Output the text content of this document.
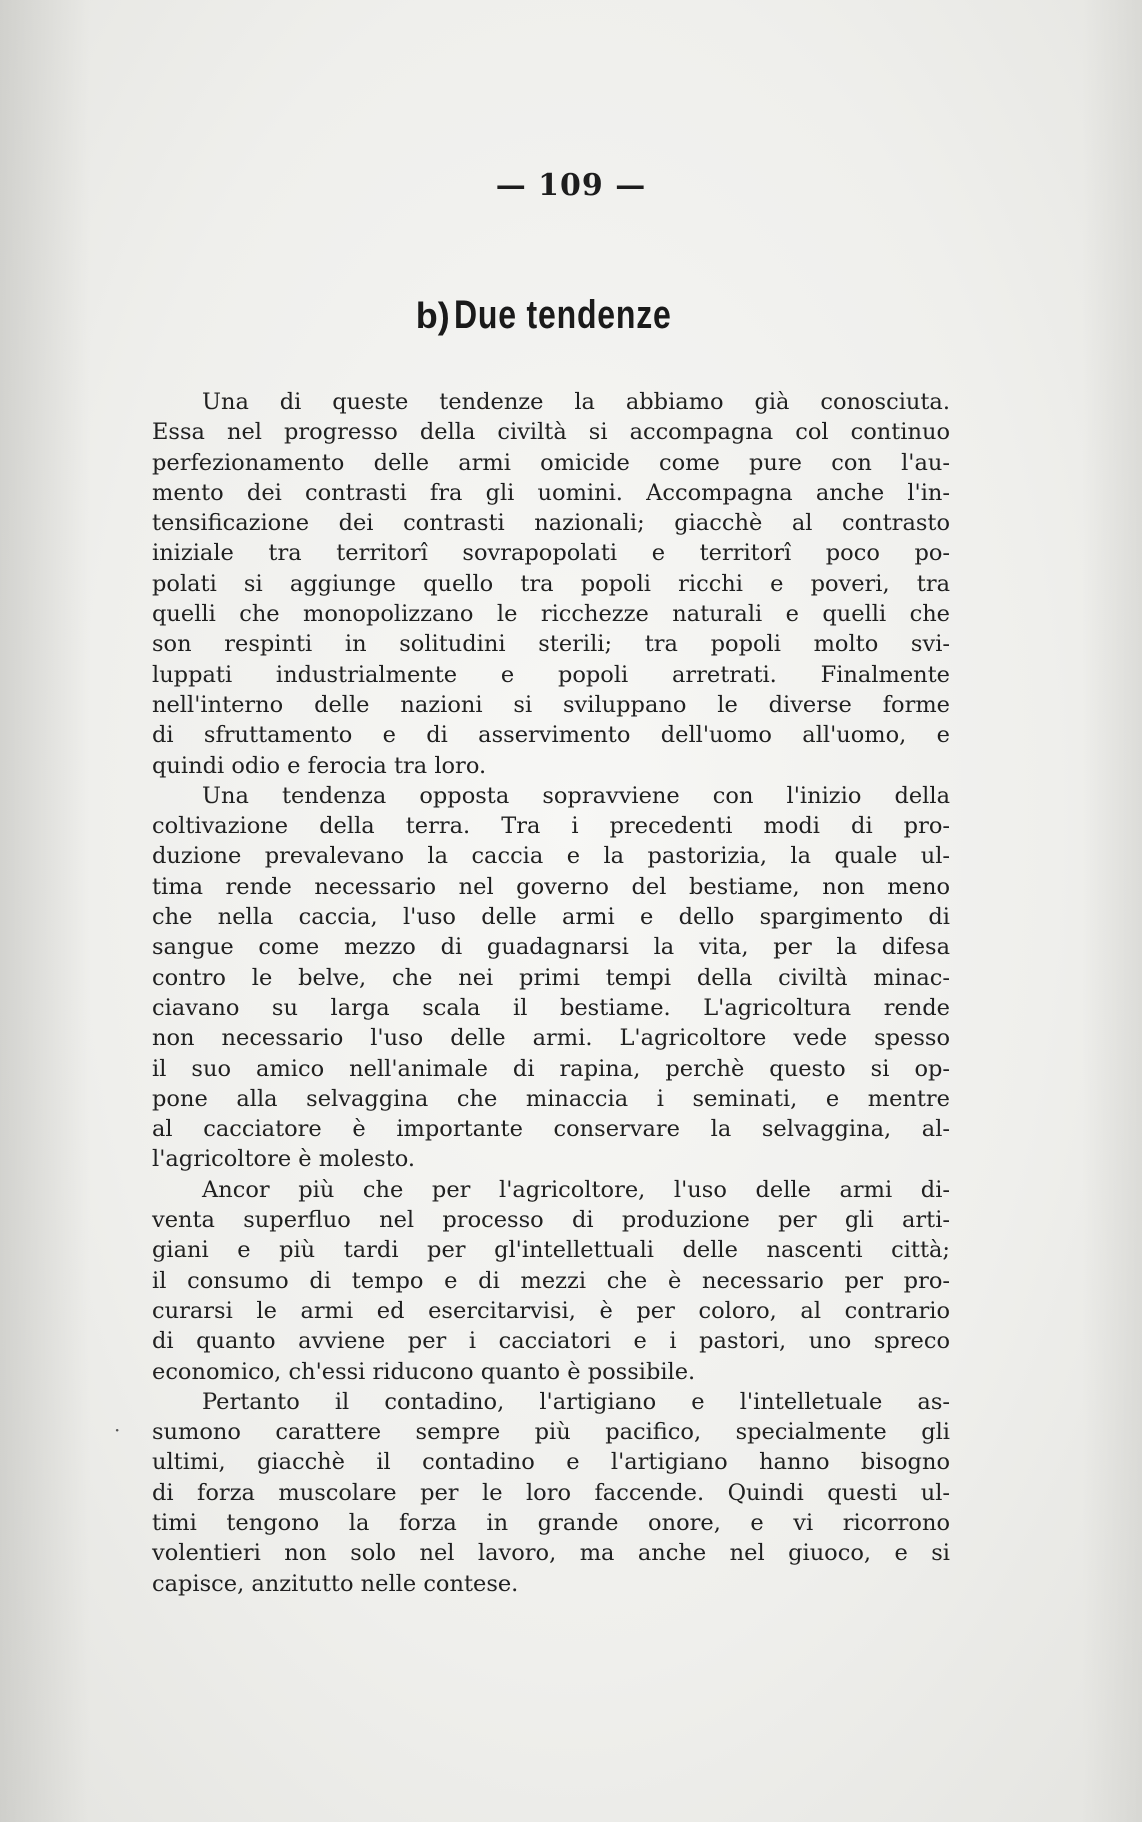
— 109 —
b) Due tendenze
Una di queste tendenze la abbiamo già conosciuta.
Essa nel progresso della civiltà si accompagna col continuo
perfezionamento delle armi omicide come pure con l'au-
mento dei contrasti fra gli uomini. Accompagna anche l'in-
tensificazione dei contrasti nazionali; giacchè al contrasto
iniziale tra territorî sovrapopolati e territorî poco po-
polati si aggiunge quello tra popoli ricchi e poveri, tra
quelli che monopolizzano le ricchezze naturali e quelli che
son respinti in solitudini sterili; tra popoli molto svi-
luppati industrialmente e popoli arretrati. Finalmente
nell'interno delle nazioni si sviluppano le diverse forme
di sfruttamento e di asservimento dell'uomo all'uomo, e
quindi odio e ferocia tra loro.
Una tendenza opposta sopravviene con l'inizio della
coltivazione della terra. Tra i precedenti modi di pro-
duzione prevalevano la caccia e la pastorizia, la quale ul-
tima rende necessario nel governo del bestiame, non meno
che nella caccia, l'uso delle armi e dello spargimento di
sangue come mezzo di guadagnarsi la vita, per la difesa
contro le belve, che nei primi tempi della civiltà minac-
ciavano su larga scala il bestiame. L'agricoltura rende
non necessario l'uso delle armi. L'agricoltore vede spesso
il suo amico nell'animale di rapina, perchè questo si op-
pone alla selvaggina che minaccia i seminati, e mentre
al cacciatore è importante conservare la selvaggina, al-
l'agricoltore è molesto.
Ancor più che per l'agricoltore, l'uso delle armi di-
venta superfluo nel processo di produzione per gli arti-
giani e più tardi per gl'intellettuali delle nascenti città;
il consumo di tempo e di mezzi che è necessario per pro-
curarsi le armi ed esercitarvisi, è per coloro, al contrario
di quanto avviene per i cacciatori e i pastori, uno spreco
economico, ch'essi riducono quanto è possibile.
Pertanto il contadino, l'artigiano e l'intelletuale as-
sumono carattere sempre più pacifico, specialmente gli
ultimi, giacchè il contadino e l'artigiano hanno bisogno
di forza muscolare per le loro faccende. Quindi questi ul-
timi tengono la forza in grande onore, e vi ricorrono
volentieri non solo nel lavoro, ma anche nel giuoco, e si
capisce, anzitutto nelle contese.
·
